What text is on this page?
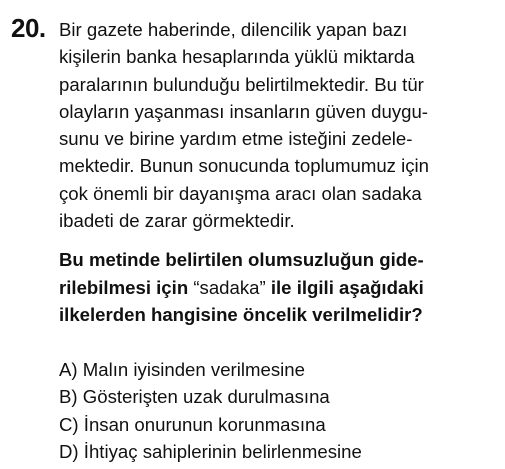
20. Bir gazete haberinde, dilencilik yapan bazı
kişilerin banka hesaplarında yüklü miktarda
paralarının bulunduğu belirtilmektedir. Bu tür
olayların yaşanması insanların güven duygu-
sunu ve birine yardım etme isteğini zedele-
mektedir. Bunun sonucunda toplumumuz için
çok önemli bir dayanışma aracı olan sadaka
ibadeti de zarar görmektedir.
Bu metinde belirtilen olumsuzluğun gide-
rilebilmesi için “sadaka” ile ilgili aşağıdaki
ilkelerden hangisine öncelik verilmelidir?
A) Malın iyisinden verilmesine
B) Gösterişten uzak durulmasına
C) İnsan onurunun korunmasına
D) İhtiyaç sahiplerinin belirlenmesine
